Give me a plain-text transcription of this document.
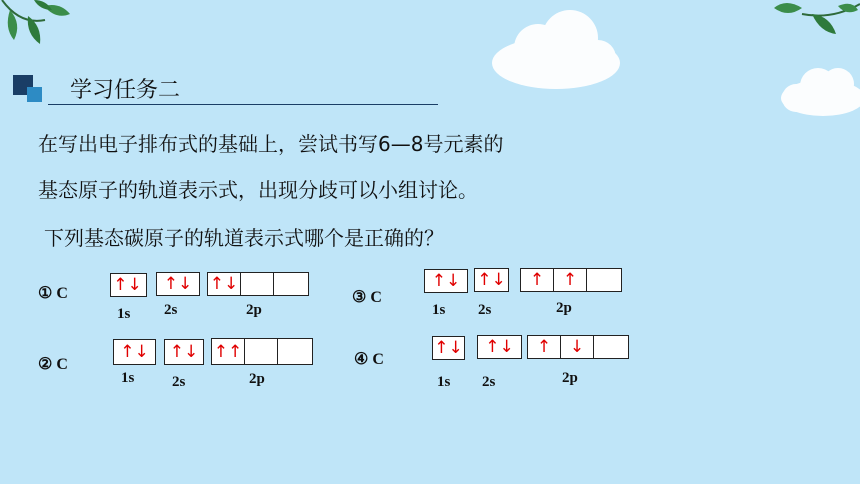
学习任务二
在写出电子排布式的基础上，尝试书写6—8号元素的
基态原子的轨道表示式，出现分歧可以小组讨论。
下列基态碳原子的轨道表示式哪个是正确的？
① C	↑↓	↑↓	↑↓
1s 2s	2p
② C
↑↓	↑↓ ↑↑
1s	2s	2p
③ C
↑↓	↑↓	↑	↑
1s 2s	2p
④ C
↑↓	↑↓	↑	↓
1s 2s	2p
